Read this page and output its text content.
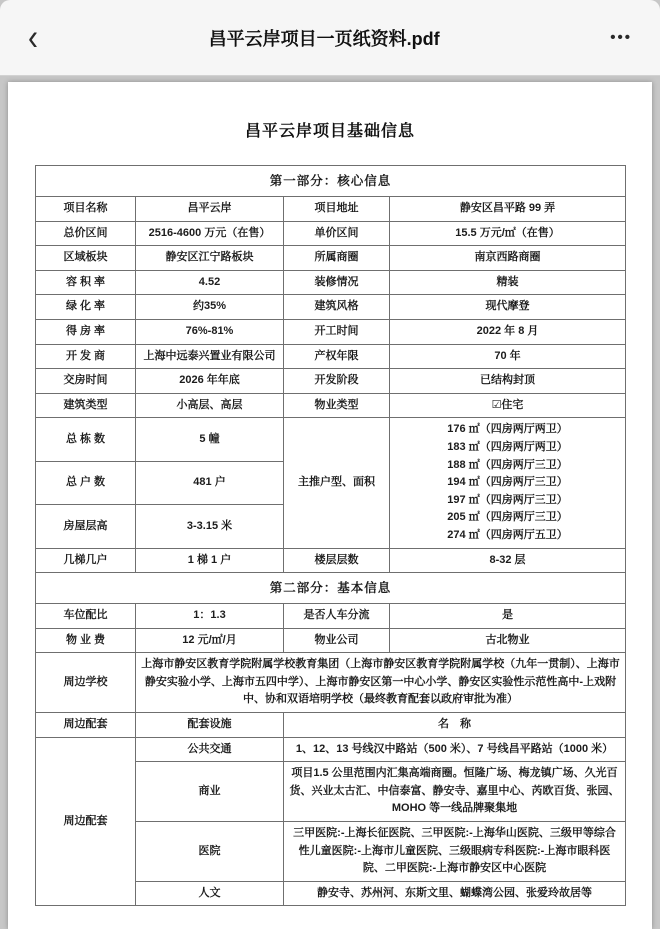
‹	昌平云岸项目一页纸资料.pdf	•••
昌平云岸项目基础信息
第一部分：核心信息			
项目名称	昌平云岸	项目地址	静安区昌平路 99 弄
总价区间	2516-4600 万元（在售）	单价区间	15.5 万元/㎡（在售）
区域板块	静安区江宁路板块	所属商圈	南京西路商圈
容 积 率	4.52	装修情况	精装
绿 化 率	约35%	建筑风格	现代摩登
得 房 率	76%-81%	开工时间	2022 年 8 月
开 发 商	上海中远泰兴置业有限公司	产权年限	70 年
交房时间	2026 年年底	开发阶段	已结构封顶
建筑类型	小高层、高层	物业类型	☑住宅
总 栋 数	5 幢	主推户型、面积	
176 ㎡（四房两厅两卫）
183 ㎡（四房两厅两卫）
188 ㎡（四房两厅三卫）
194 ㎡（四房两厅三卫）
197 ㎡（四房两厅三卫）
205 ㎡（四房两厅三卫）
274 ㎡（四房两厅五卫）

总 户 数	481 户		
房屋层高	3-3.15 米		
几梯几户	1 梯 1 户	楼层层数	8-32 层
第二部分：基本信息			
车位配比	1：1.3	是否人车分流	是
物 业 费	12 元/㎡/月	物业公司	古北物业
周边学校	上海市静安区教育学院附属学校教育集团（上海市静安区教育学院附属学校（九年一贯制）、上海市静安实验小学、上海市五四中学）、上海市静安区第一中心小学、静安区实验性示范性高中-上戏附中、协和双语培明学校（最终教育配套以政府审批为准）		
周边配套	配套设施	名　称	
周边配套	公共交通	1、12、13 号线汉中路站（500 米）、7 号线昌平路站（1000 米）	
	商业	项目1.5 公里范围内汇集高端商圈。恒隆广场、梅龙镇广场、久光百货、兴业太古汇、中信泰富、静安寺、嘉里中心、芮欧百货、张园、MOHO 等一线品牌聚集地	
	医院	三甲医院:-上海长征医院、三甲医院:-上海华山医院、三级甲等综合性儿童医院:-上海市儿童医院、三级眼病专科医院:-上海市眼科医院、二甲医院:-上海市静安区中心医院	
	人文	静安寺、苏州河、东斯文里、蝴蝶湾公园、张爱玲故居等	
